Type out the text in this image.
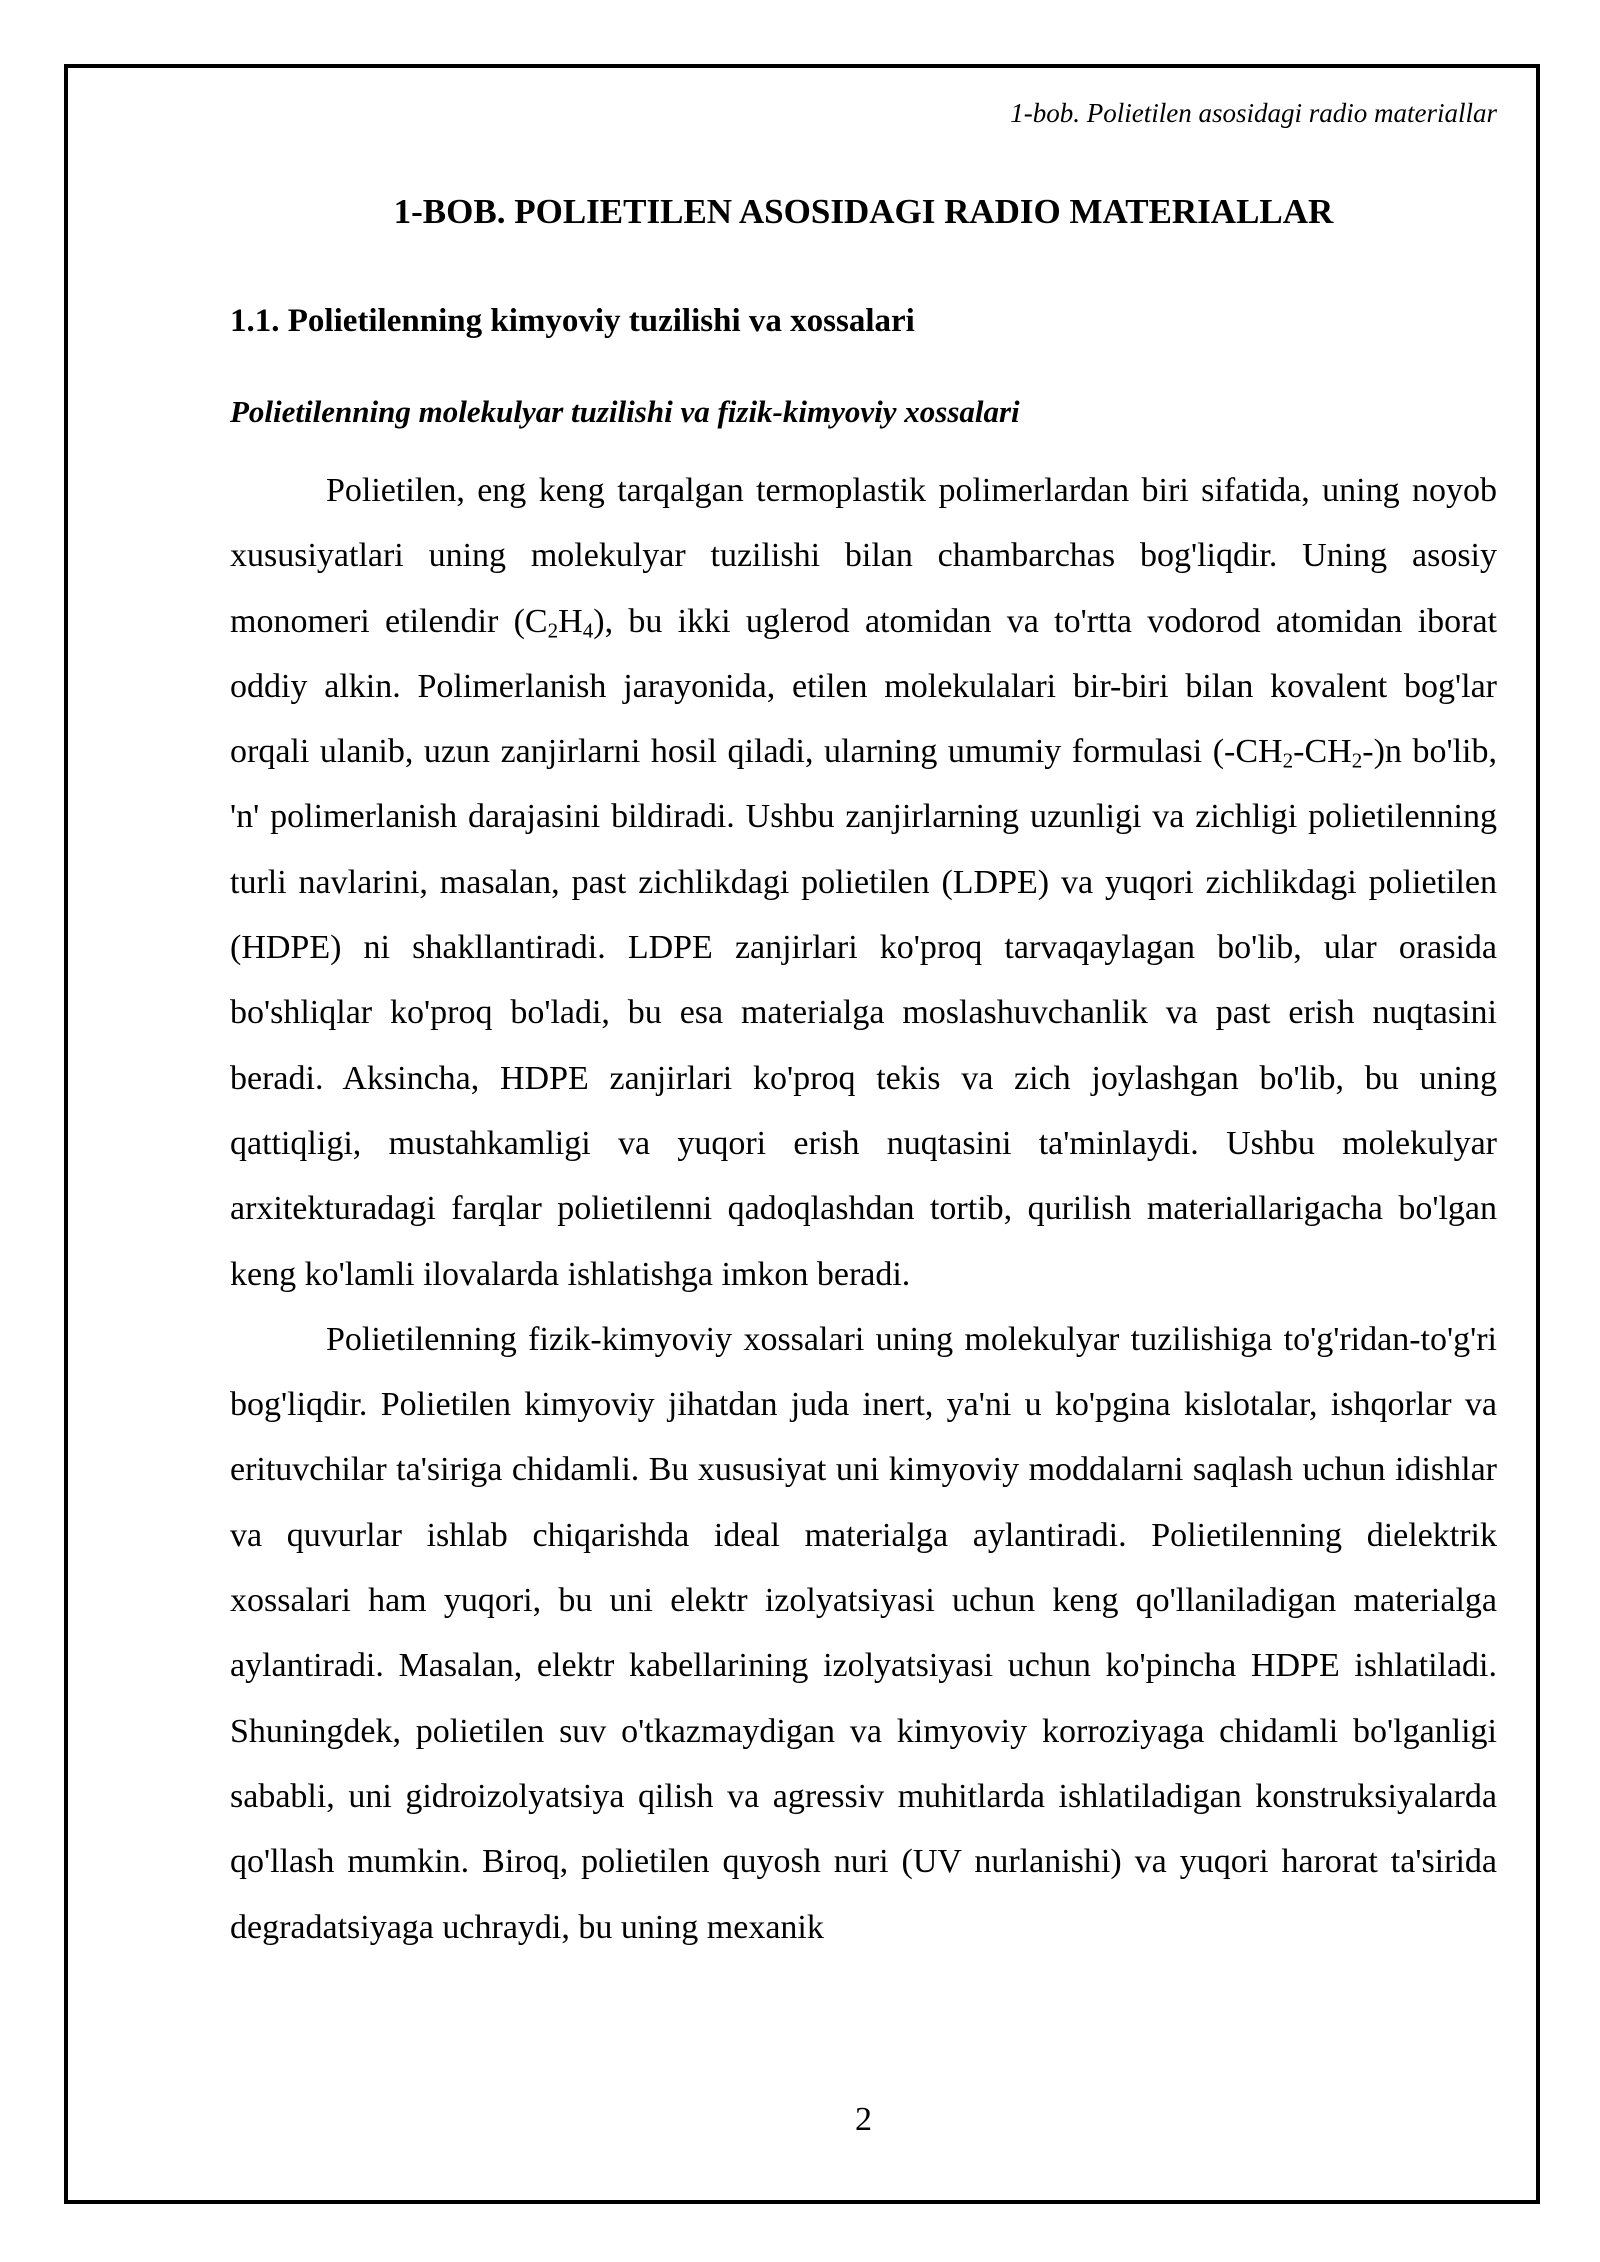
1-bob. Polietilen asosidagi radio materiallar
1-BOB. POLIETILEN ASOSIDAGI RADIO MATERIALLAR
1.1. Polietilenning kimyoviy tuzilishi va xossalari
Polietilenning molekulyar tuzilishi va fizik-kimyoviy xossalari

Polietilen, eng keng tarqalgan termoplastik polimerlardan biri sifatida, uning noyob xususiyatlari uning molekulyar tuzilishi bilan chambarchas bog'liqdir. Uning asosiy monomeri etilendir $(C_2H_4)$, bu ikki uglerod atomidan va to'rtta vodorod atomidan iborat oddiy alkin. Polimerlanish jarayonida, etilen molekulalari bir-biri bilan kovalent bog'lar orqali ulanib, uzun zanjirlarni hosil qiladi, ularning umumiy formulasi $(-CH_2-CH_2-)n$ bo'lib, 'n' polimerlanish darajasini bildiradi. Ushbu zanjirlarning uzunligi va zichligi polietilenning turli navlarini, masalan, past zichlikdagi polietilen (LDPE) va yuqori zichlikdagi polietilen (HDPE) ni shakllantiradi. LDPE zanjirlari ko'proq tarvaqaylagan bo'lib, ular orasida bo'shliqlar ko'proq bo'ladi, bu esa materialga moslashuvchanlik va past erish nuqtasini beradi. Aksincha, HDPE zanjirlari ko'proq tekis va zich joylashgan bo'lib, bu uning qattiqligi, mustahkamligi va yuqori erish nuqtasini ta'minlaydi. Ushbu molekulyar arxitekturadagi farqlar polietilenni qadoqlashdan tortib, qurilish materiallarigacha bo'lgan keng ko'lamli ilovalarda ishlatishga imkon beradi.

Polietilenning fizik-kimyoviy xossalari uning molekulyar tuzilishiga to'g'ridan-to'g'ri bog'liqdir. Polietilen kimyoviy jihatdan juda inert, ya'ni u ko'pgina kislotalar, ishqorlar va erituvchilar ta'siriga chidamli. Bu xususiyat uni kimyoviy moddalarni saqlash uchun idishlar va quvurlar ishlab chiqarishda ideal materialga aylantiradi. Polietilenning dielektrik xossalari ham yuqori, bu uni elektr izolyatsiyasi uchun keng qo'llaniladigan materialga aylantiradi. Masalan, elektr kabellarining izolyatsiyasi uchun ko'pincha HDPE ishlatiladi. Shuningdek, polietilen suv o'tkazmaydigan va kimyoviy korroziyaga chidamli bo'lganligi sababli, uni gidroizolyatsiya qilish va agressiv muhitlarda ishlatiladigan konstruksiyalarda qo'llash mumkin. Biroq, polietilen quyosh nuri (UV nurlanishi) va yuqori harorat ta'sirida degradatsiyaga uchraydi, bu uning mexanik

2
